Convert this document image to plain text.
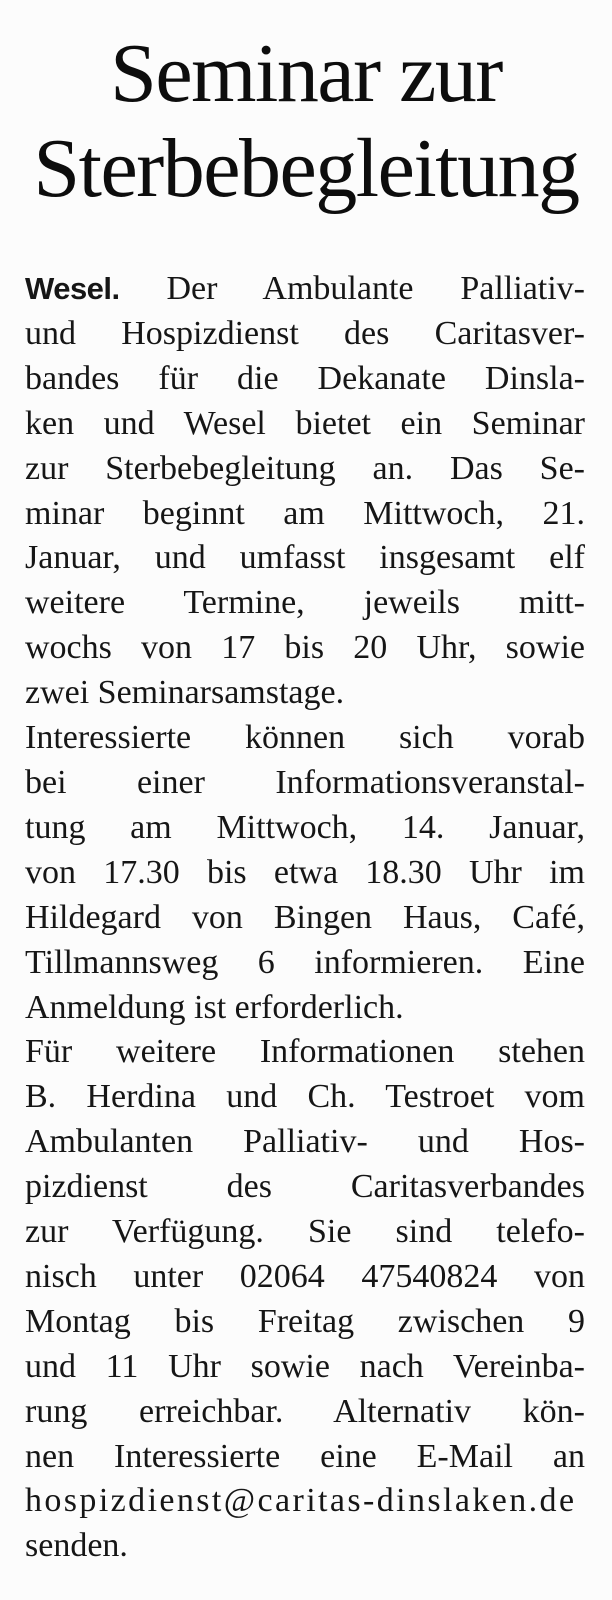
Seminar zur
Sterbebegleitung
Wesel. Der Ambulante Palliativ-
und Hospizdienst des Caritasver-
bandes für die Dekanate Dinsla-
ken und Wesel bietet ein Seminar
zur Sterbebegleitung an. Das Se-
minar beginnt am Mittwoch, 21.
Januar, und umfasst insgesamt elf
weitere Termine, jeweils mitt-
wochs von 17 bis 20 Uhr, sowie
zwei Seminarsamstage.
Interessierte können sich vorab
bei einer Informationsveranstal-
tung am Mittwoch, 14. Januar,
von 17.30 bis etwa 18.30 Uhr im
Hildegard von Bingen Haus, Café,
Tillmannsweg 6 informieren. Eine
Anmeldung ist erforderlich.
Für weitere Informationen stehen
B. Herdina und Ch. Testroet vom
Ambulanten Palliativ- und Hos-
pizdienst des Caritasverbandes
zur Verfügung. Sie sind telefo-
nisch unter 02064 47540824 von
Montag bis Freitag zwischen 9
und 11 Uhr sowie nach Vereinba-
rung erreichbar. Alternativ kön-
nen Interessierte eine E-Mail an
hospizdienst@caritas-dinslaken.de
senden.
